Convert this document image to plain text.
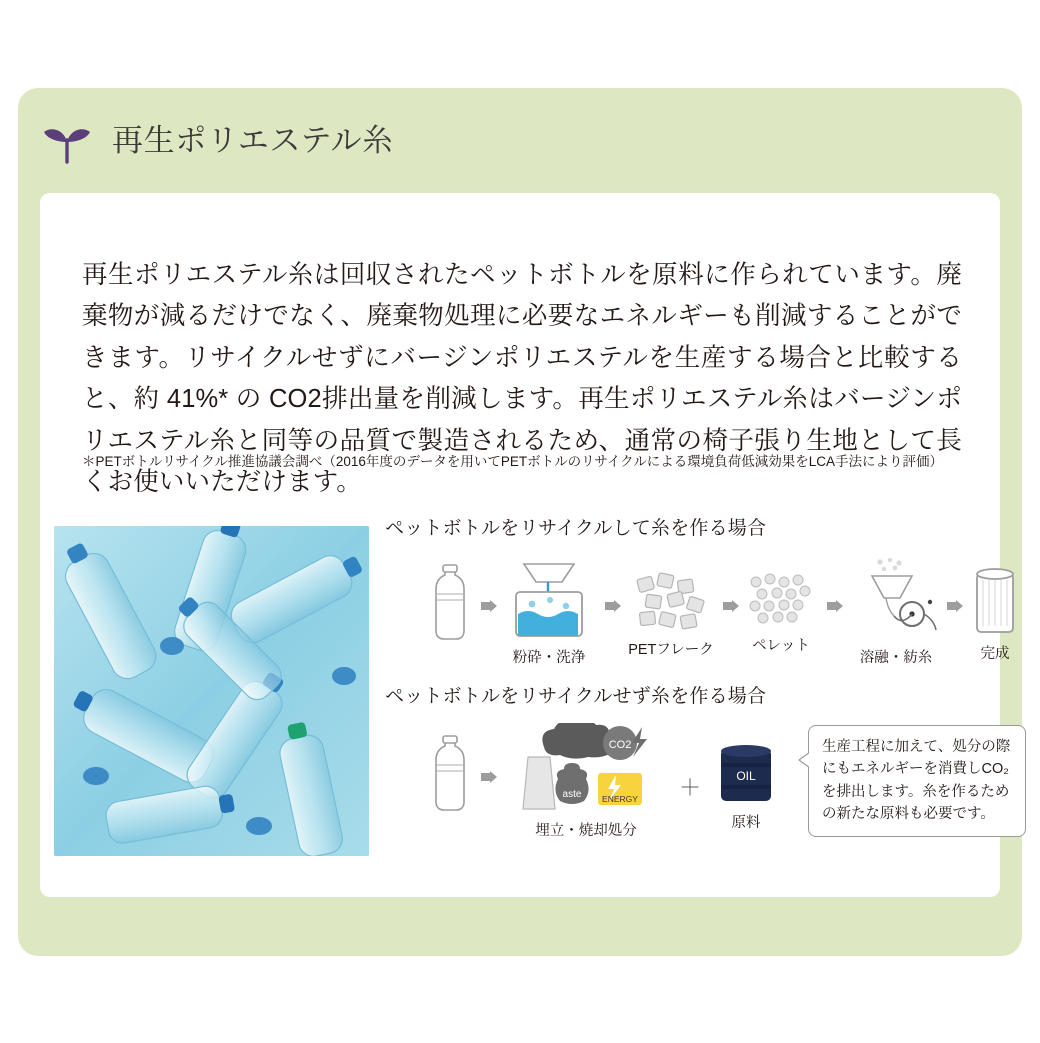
再生ポリエステル糸

再生ポリエステル糸は回収されたペットボトルを原料に作られています。廃棄物が減るだけでなく、廃棄物処理に必要なエネルギーも削減することができます。リサイクルせずにバージンポリエステルを生産する場合と比較すると、約 41%* の CO2排出量を削減します。再生ポリエステル糸はバージンポリエステル糸と同等の品質で製造されるため、通常の椅子張り生地として長くお使いいただけます。

＊PETボトルリサイクル推進協議会調べ（2016年度のデータを用いてPETボトルのリサイクルによる環境負荷低減効果をLCA手法により評価）

ペットボトルをリサイクルして糸を作る場合
粉砕・洗浄	PETフレーク	ペレット
溶融・紡糸	完成
ペットボトルをリサイクルせず糸を作る場合
CO2
aste ENERGY
埋立・焼却処分
＋	OIL
原料
生産工程に加えて、処分の際にもエネルギーを消費しCO₂を排出します。糸を作るための新たな原料も必要です。
